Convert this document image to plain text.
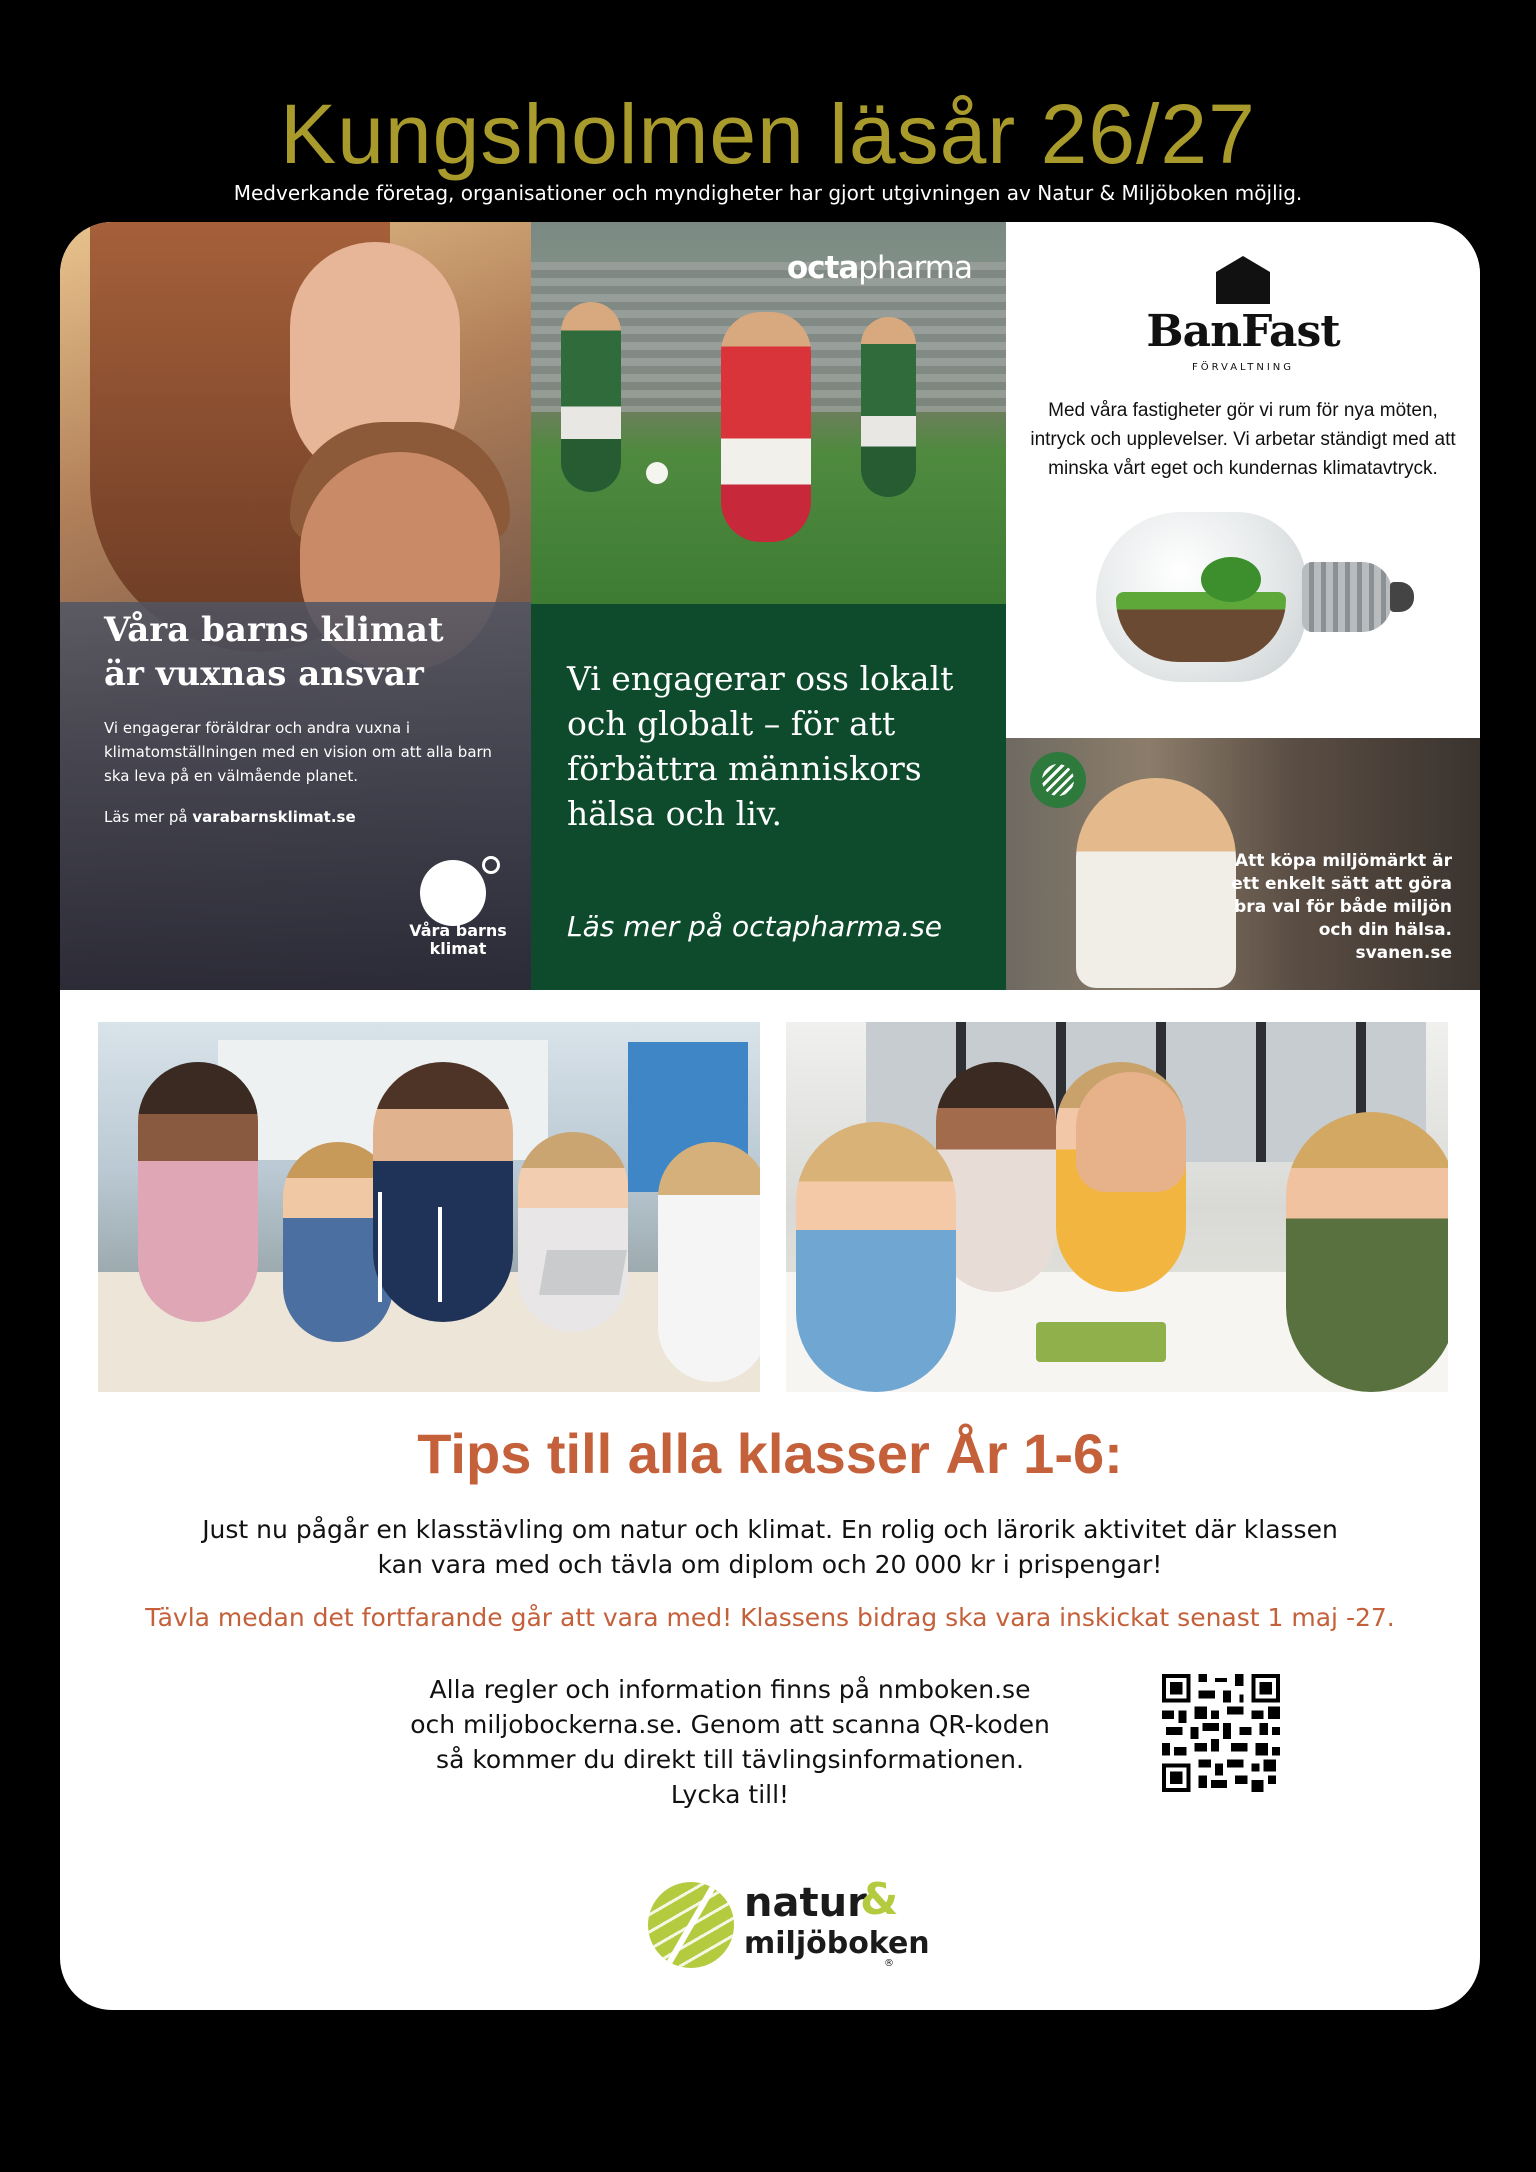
Kungsholmen läsår 26/27
Medverkande företag, organisationer och myndigheter har gjort utgivningen av Natur & Miljöboken möjlig.
Våra barns klimat
är vuxnas ansvar
Vi engagerar föräldrar och andra vuxna i klimatomställningen med en vision om att alla barn ska leva på en välmående planet.
Läs mer på varabarnsklimat.se
Våra barns
klimat
octapharma
Vi engagerar oss lokalt och globalt – för att förbättra människors hälsa och liv.
Läs mer på octapharma.se
BanFast
FÖRVALTNING
Med våra fastigheter gör vi rum för nya möten, intryck och upplevelser. Vi arbetar ständigt med att minska vårt eget och kundernas klimatavtryck.
Att köpa miljömärkt är
ett enkelt sätt att göra
bra val för både miljön
och din hälsa.
svanen.se
Tips till alla klasser År 1-6:
Just nu pågår en klasstävling om natur och klimat. En rolig och lärorik aktivitet där klassen
kan vara med och tävla om diplom och 20 000 kr i prispengar!
Tävla medan det fortfarande går att vara med! Klassens bidrag ska vara inskickat senast 1 maj -27.
Alla regler och information finns på nmboken.se
och miljobockerna.se. Genom att scanna QR-koden
så kommer du direkt till tävlingsinformationen.
Lycka till!
natur
&
miljöboken
®
